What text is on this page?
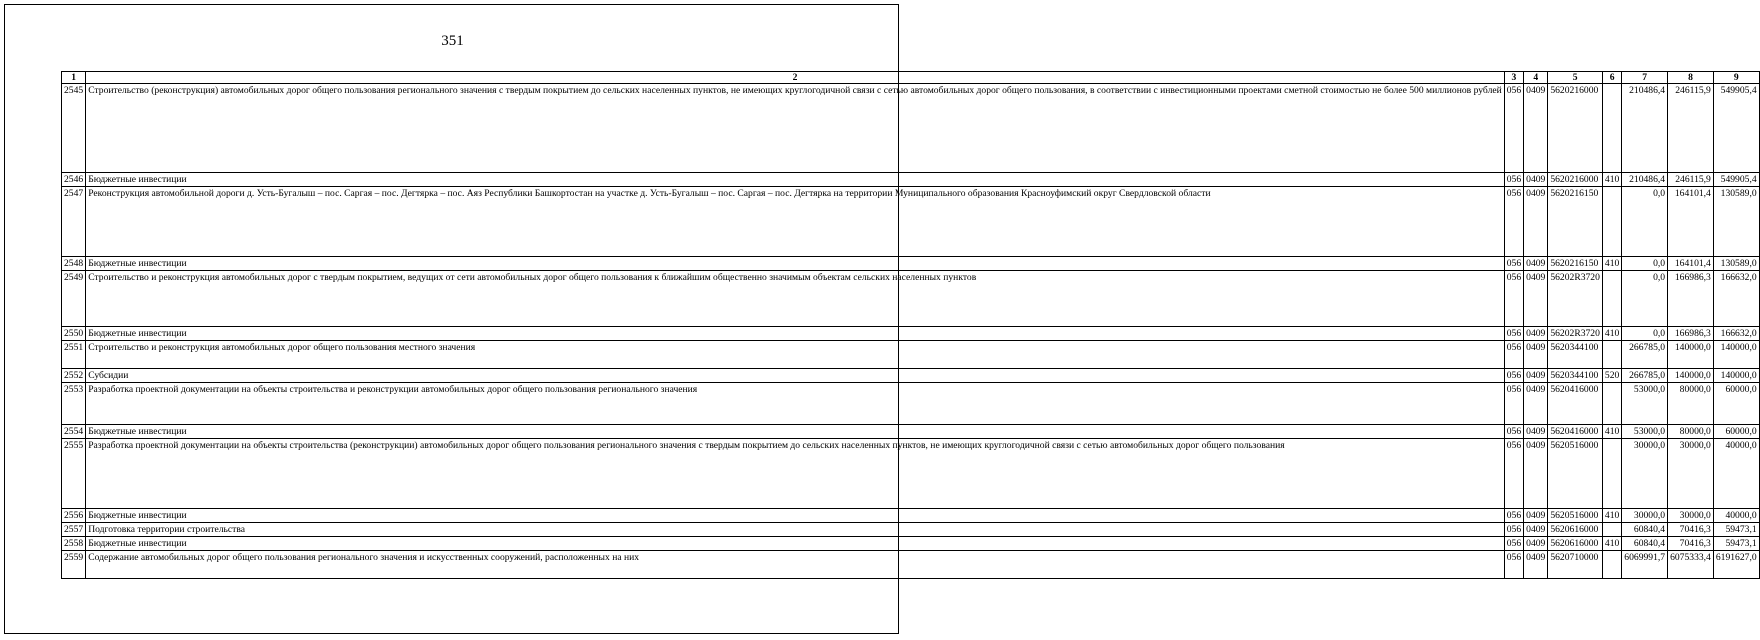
351
1	2	3	4	5	6	7	8	9
2545	Строительство (реконструкция) автомобильных дорог общего пользования регионального значения с твердым покрытием до сельских населенных пунктов, не имеющих круглогодичной связи с сетью автомобильных дорог общего пользования, в соответствии с инвестиционными проектами сметной стоимостью не более 500 миллионов рублей	056	0409	5620216000		210486,4	246115,9	549905,4
2546	Бюджетные инвестиции	056	0409	5620216000	410	210486,4	246115,9	549905,4
2547	Реконструкция автомобильной дороги д. Усть-Бугалыш – пос. Саргая – пос. Дегтярка – пос. Аяз Республики Башкортостан на участке д. Усть-Бугалыш – пос. Саргая – пос. Дегтярка на территории Муниципального образования Красноуфимский округ Свердловской области	056	0409	5620216150		0,0	164101,4	130589,0
2548	Бюджетные инвестиции	056	0409	5620216150	410	0,0	164101,4	130589,0
2549	Строительство и реконструкция автомобильных дорог с твердым покрытием, ведущих от сети автомобильных дорог общего пользования к ближайшим общественно значимым объектам сельских населенных пунктов	056	0409	56202R3720		0,0	166986,3	166632,0
2550	Бюджетные инвестиции	056	0409	56202R3720	410	0,0	166986,3	166632,0
2551	Строительство и реконструкция автомобильных дорог общего пользования местного значения	056	0409	5620344100		266785,0	140000,0	140000,0
2552	Субсидии	056	0409	5620344100	520	266785,0	140000,0	140000,0
2553	Разработка проектной документации на объекты строительства и реконструкции автомобильных дорог общего пользования регионального значения	056	0409	5620416000		53000,0	80000,0	60000,0
2554	Бюджетные инвестиции	056	0409	5620416000	410	53000,0	80000,0	60000,0
2555	Разработка проектной документации на объекты строительства (реконструкции) автомобильных дорог общего пользования регионального значения с твердым покрытием до сельских населенных пунктов, не имеющих круглогодичной связи с сетью автомобильных дорог общего пользования	056	0409	5620516000		30000,0	30000,0	40000,0
2556	Бюджетные инвестиции	056	0409	5620516000	410	30000,0	30000,0	40000,0
2557	Подготовка территории строительства	056	0409	5620616000		60840,4	70416,3	59473,1
2558	Бюджетные инвестиции	056	0409	5620616000	410	60840,4	70416,3	59473,1
2559	Содержание автомобильных дорог общего пользования регионального значения и искусственных сооружений, расположенных на них	056	0409	5620710000		6069991,7	6075333,4	6191627,0
